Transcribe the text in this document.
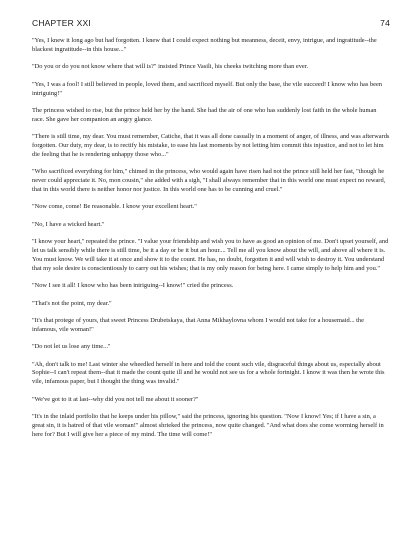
CHAPTER XXI	74

"Yes, I knew it long ago but had forgotten. I knew that I could expect nothing but meanness, deceit, envy, intrigue, and ingratitude--the blackest ingratitude--in this house..."

"Do you or do you not know where that will is?" insisted Prince Vasili, his cheeks twitching more than ever.

"Yes, I was a fool! I still believed in people, loved them, and sacrificed myself. But only the base, the vile succeed! I know who has been intriguing!"

The princess wished to rise, but the prince held her by the hand. She had the air of one who has suddenly lost faith in the whole human race. She gave her companion an angry glance.

"There is still time, my dear. You must remember, Catiche, that it was all done casually in a moment of anger, of illness, and was afterwards forgotten. Our duty, my dear, is to rectify his mistake, to ease his last moments by not letting him commit this injustice, and not to let him die feeling that he is rendering unhappy those who..."

"Who sacrificed everything for him," chimed in the princess, who would again have risen had not the prince still held her fast, "though he never could appreciate it. No, mon cousin," she added with a sigh, "I shall always remember that in this world one must expect no reward, that in this world there is neither honor nor justice. In this world one has to be cunning and cruel."

"Now come, come! Be reasonable. I know your excellent heart."

"No, I have a wicked heart."

"I know your heart," repeated the prince. "I value your friendship and wish you to have as good an opinion of me. Don't upset yourself, and let us talk sensibly while there is still time, be it a day or be it but an hour.... Tell me all you know about the will, and above all where it is. You must know. We will take it at once and show it to the count. He has, no doubt, forgotten it and will wish to destroy it. You understand that my sole desire is conscientiously to carry out his wishes; that is my only reason for being here. I came simply to help him and you."

"Now I see it all! I know who has been intriguing--I know!" cried the princess.

"That's not the point, my dear."

"It's that protege of yours, that sweet Princess Drubetskaya, that Anna Mikhaylovna whom I would not take for a housemaid... the infamous, vile woman!"

"Do not let us lose any time..."

"Ah, don't talk to me! Last winter she wheedled herself in here and told the count such vile, disgraceful things about us, especially about Sophie--I can't repeat them--that it made the count quite ill and he would not see us for a whole fortnight. I know it was then he wrote this vile, infamous paper, but I thought the thing was invalid."

"We've got to it at last--why did you not tell me about it sooner?"

"It's in the inlaid portfolio that he keeps under his pillow," said the princess, ignoring his question. "Now I know! Yes; if I have a sin, a great sin, it is hatred of that vile woman!" almost shrieked the princess, now quite changed. "And what does she come worming herself in here for? But I will give her a piece of my mind. The time will come!"
